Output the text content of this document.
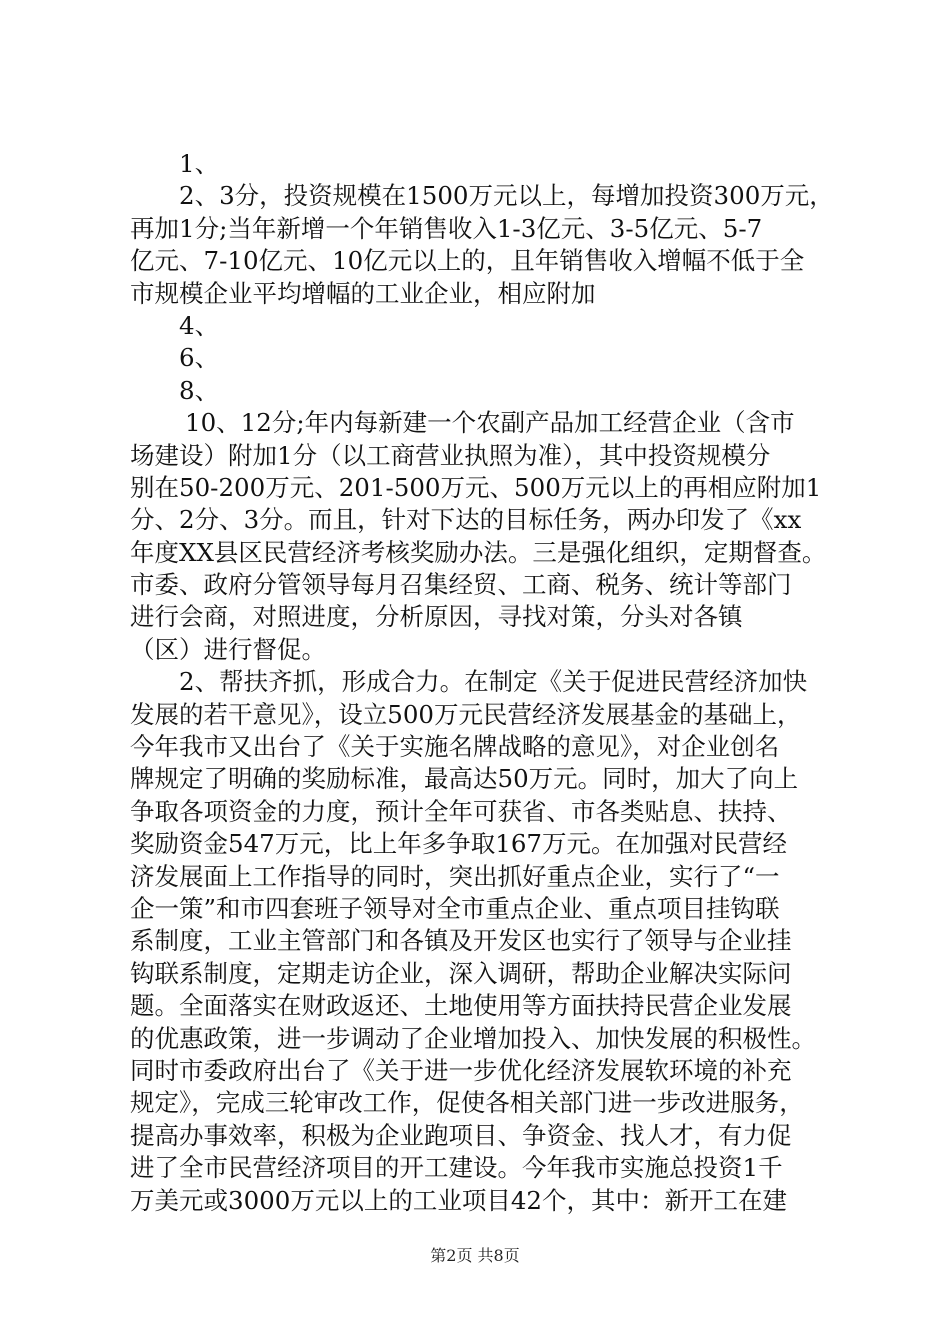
1、
2、3分，投资规模在1500万元以上，每增加投资300万元，
再加1分;当年新增一个年销售收入1-3亿元、3-5亿元、5-7
亿元、7-10亿元、10亿元以上的，且年销售收入增幅不低于全
市规模企业平均增幅的工业企业，相应附加
4、
6、
8、
10、12分;年内每新建一个农副产品加工经营企业（含市
场建设）附加1分（以工商营业执照为准），其中投资规模分
别在50-200万元、201-500万元、500万元以上的再相应附加1
分、2分、3分。而且，针对下达的目标任务，两办印发了《xx
年度XX县区民营经济考核奖励办法。三是强化组织，定期督查。
市委、政府分管领导每月召集经贸、工商、税务、统计等部门
进行会商，对照进度，分析原因，寻找对策，分头对各镇
（区）进行督促。
2、帮扶齐抓，形成合力。在制定《关于促进民营经济加快
发展的若干意见》，设立500万元民营经济发展基金的基础上，
今年我市又出台了《关于实施名牌战略的意见》，对企业创名
牌规定了明确的奖励标准，最高达50万元。同时，加大了向上
争取各项资金的力度，预计全年可获省、市各类贴息、扶持、
奖励资金547万元，比上年多争取167万元。在加强对民营经
济发展面上工作指导的同时，突出抓好重点企业，实行了“一
企一策”和市四套班子领导对全市重点企业、重点项目挂钩联
系制度，工业主管部门和各镇及开发区也实行了领导与企业挂
钩联系制度，定期走访企业，深入调研，帮助企业解决实际问
题。全面落实在财政返还、土地使用等方面扶持民营企业发展
的优惠政策，进一步调动了企业增加投入、加快发展的积极性。
同时市委政府出台了《关于进一步优化经济发展软环境的补充
规定》，完成三轮审改工作，促使各相关部门进一步改进服务，
提高办事效率，积极为企业跑项目、争资金、找人才，有力促
进了全市民营经济项目的开工建设。今年我市实施总投资1千
万美元或3000万元以上的工业项目42个，其中：新开工在建
第2页 共8页
